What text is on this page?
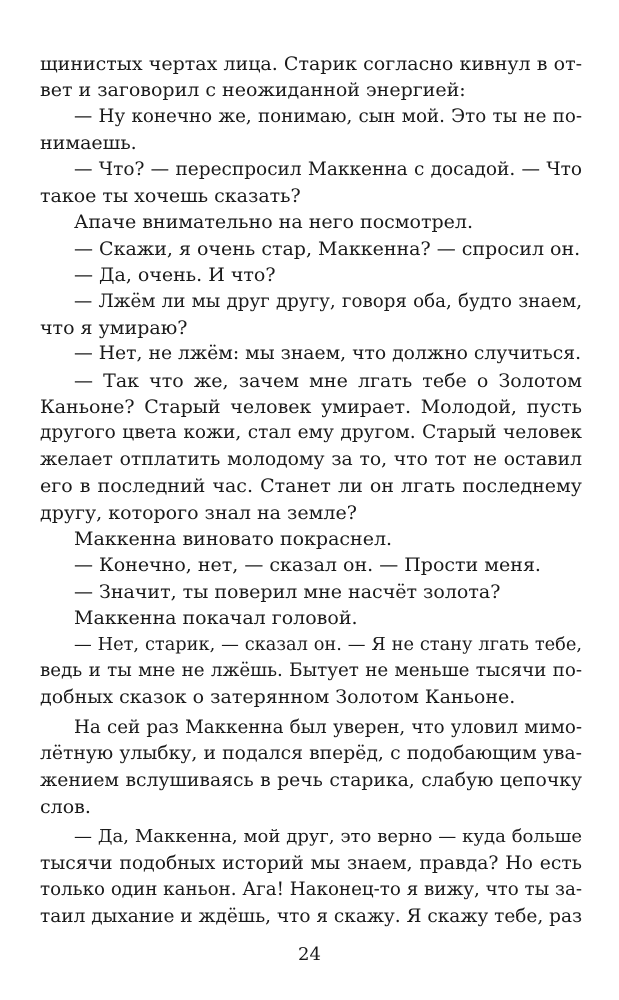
щинистых чертах лица. Старик согласно кивнул в от-
вет и заговорил с неожиданной энергией:
— Ну конечно же, понимаю, сын мой. Это ты не по-
нимаешь.
— Что? — переспросил Маккенна с досадой. — Что
такое ты хочешь сказать?
Апаче внимательно на него посмотрел.
— Скажи, я очень стар, Маккенна? — спросил он.
— Да, очень. И что?
— Лжём ли мы друг другу, говоря оба, будто знаем,
что я умираю?
— Нет, не лжём: мы знаем, что должно случиться.
— Так что же, зачем мне лгать тебе о Золотом
Каньоне? Старый человек умирает. Молодой, пусть
другого цвета кожи, стал ему другом. Старый человек
желает отплатить молодому за то, что тот не оставил
его в последний час. Станет ли он лгать последнему
другу, которого знал на земле?
Маккенна виновато покраснел.
— Конечно, нет, — сказал он. — Прости меня.
— Значит, ты поверил мне насчёт золота?
Маккенна покачал головой.
— Нет, старик, — сказал он. — Я не стану лгать тебе,
ведь и ты мне не лжёшь. Бытует не меньше тысячи по-
добных сказок о затерянном Золотом Каньоне.
На сей раз Маккенна был уверен, что уловил мимо-
лётную улыбку, и подался вперёд, с подобающим ува-
жением вслушиваясь в речь старика, слабую цепочку
слов.
— Да, Маккенна, мой друг, это верно — куда больше
тысячи подобных историй мы знаем, правда? Но есть
только один каньон. Ага! Наконец-то я вижу, что ты за-
таил дыхание и ждёшь, что я скажу. Я скажу тебе, раз
24
